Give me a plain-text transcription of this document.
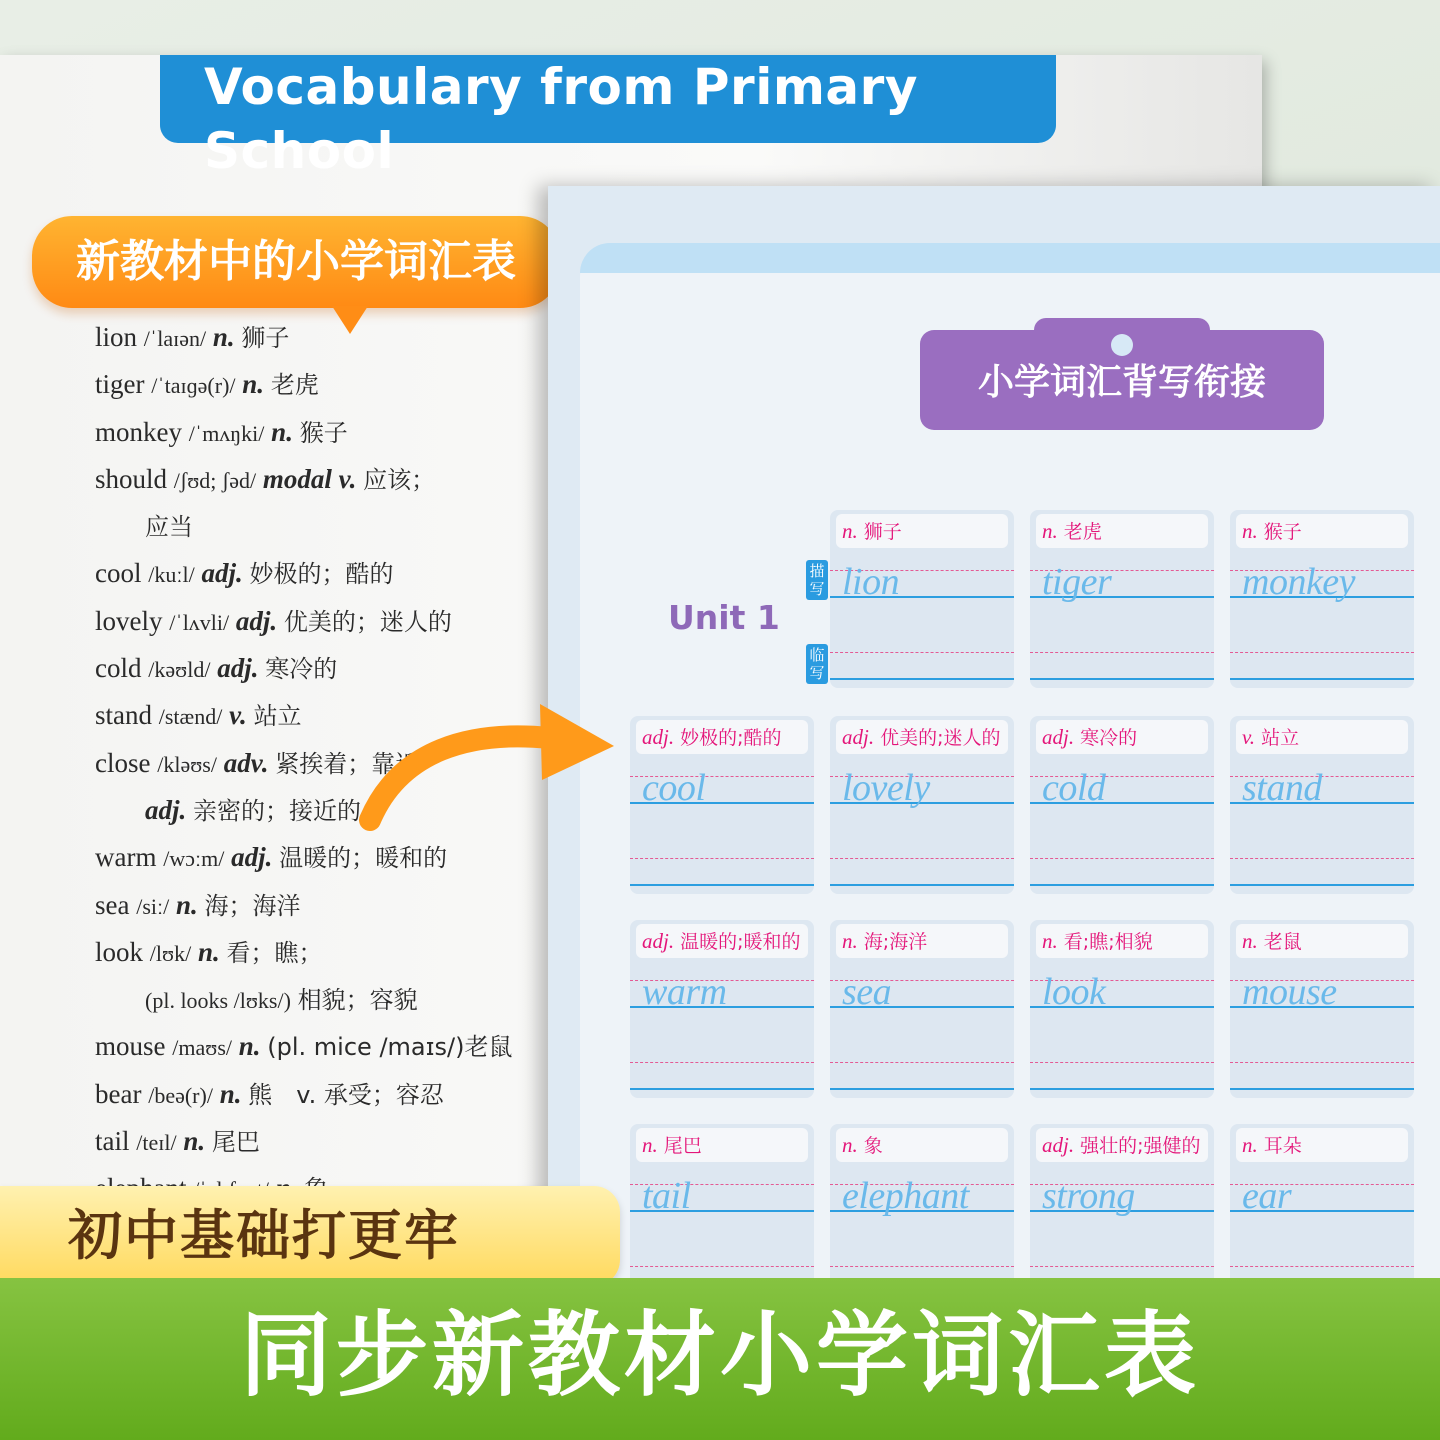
Vocabulary from Primary School
lion /ˈlaɪən/ n. 狮子
tiger /ˈtaɪɡə(r)/ n. 老虎
monkey /ˈmʌŋki/ n. 猴子
should /ʃʊd; ʃəd/ modal v. 应该；
应当
cool /kuːl/ adj. 妙极的；酷的
lovely /ˈlʌvli/ adj. 优美的；迷人的
cold /kəʊld/ adj. 寒冷的
stand /stænd/ v. 站立
close /kləʊs/ adv. 紧挨着；靠近
adj. 亲密的；接近的
warm /wɔːm/ adj. 温暖的；暖和的
sea /siː/ n. 海；海洋
look /lʊk/ n. 看；瞧；
(pl. looks /lʊks/) 相貌；容貌
mouse /maʊs/ n. (pl. mice /maɪs/)老鼠
bear /beə(r)/ n. 熊　v. 承受；容忍
tail /teɪl/ n. 尾巴
新教材中的小学词汇表
小学词汇背写衔接
Unit 1
描写
临写
n. 狮子
lion
n. 老虎
tiger
n. 猴子
monkey
adj. 妙极的;酷的
cool
adj. 优美的;迷人的
lovely
adj. 寒冷的
cold
v. 站立
stand
adj. 温暖的;暖和的
warm
n. 海;海洋
sea
n. 看;瞧;相貌
look
n. 老鼠
mouse
n. 尾巴
tail
n. 象
elephant
adj. 强壮的;强健的
strong
n. 耳朵
ear
初中基础打更牢
同步新教材小学词汇表
